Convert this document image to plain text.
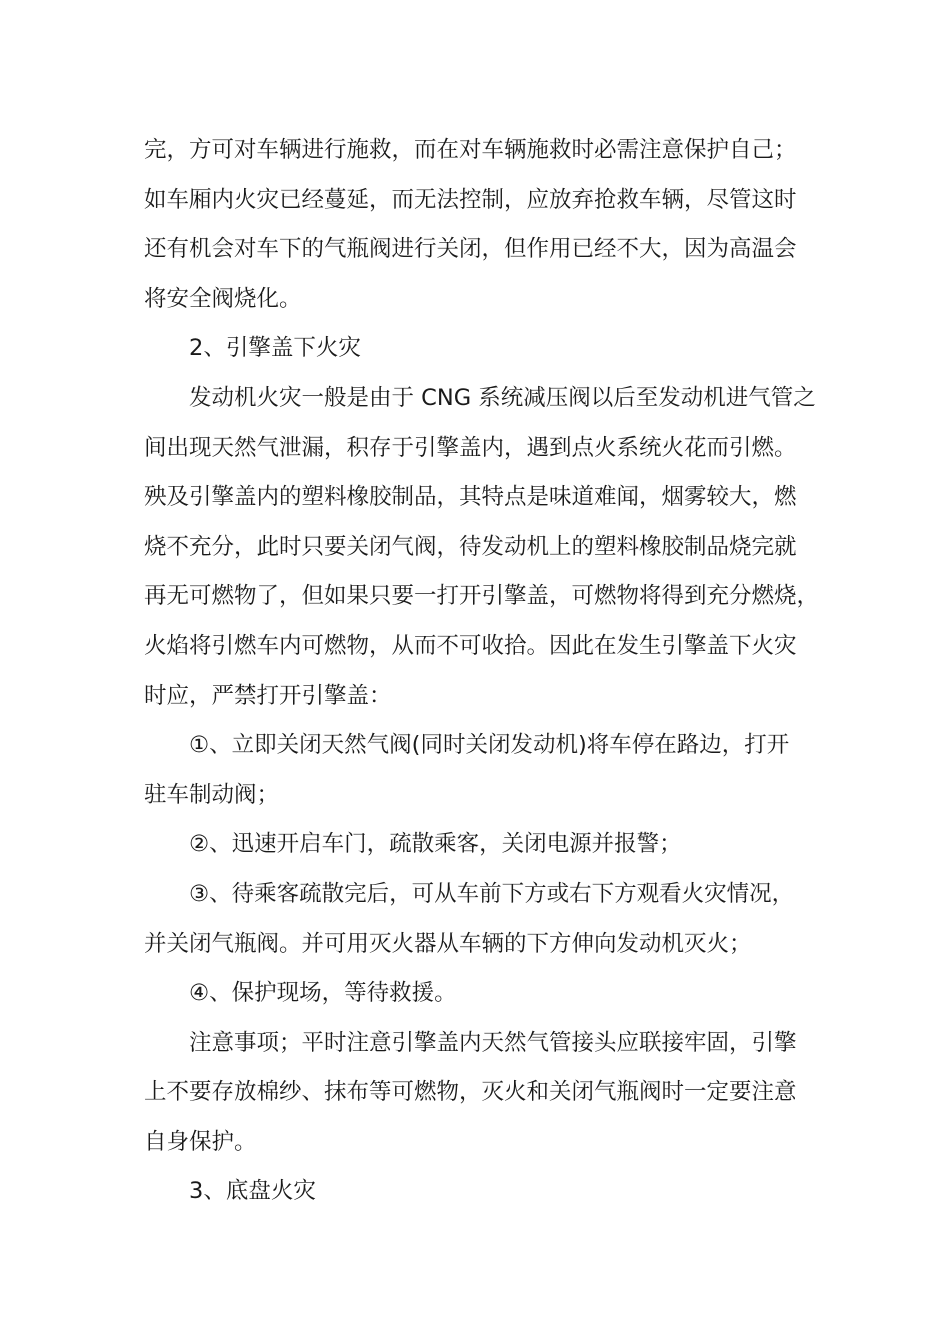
完，方可对车辆进行施救，而在对车辆施救时必需注意保护自己；
如车厢内火灾已经蔓延，而无法控制，应放弃抢救车辆，尽管这时
还有机会对车下的气瓶阀进行关闭，但作用已经不大，因为高温会
将安全阀烧化。
2、引擎盖下火灾
发动机火灾一般是由于 CNG 系统减压阀以后至发动机进气管之
间出现天然气泄漏，积存于引擎盖内，遇到点火系统火花而引燃。
殃及引擎盖内的塑料橡胶制品，其特点是味道难闻，烟雾较大，燃
烧不充分，此时只要关闭气阀，待发动机上的塑料橡胶制品烧完就
再无可燃物了，但如果只要一打开引擎盖，可燃物将得到充分燃烧，
火焰将引燃车内可燃物，从而不可收拾。因此在发生引擎盖下火灾
时应，严禁打开引擎盖：
①、立即关闭天然气阀(同时关闭发动机)将车停在路边，打开
驻车制动阀；
②、迅速开启车门，疏散乘客，关闭电源并报警；
③、待乘客疏散完后，可从车前下方或右下方观看火灾情况，
并关闭气瓶阀。并可用灭火器从车辆的下方伸向发动机灭火；
④、保护现场，等待救援。
注意事项；平时注意引擎盖内天然气管接头应联接牢固，引擎
上不要存放棉纱、抹布等可燃物，灭火和关闭气瓶阀时一定要注意
自身保护。
3、底盘火灾
